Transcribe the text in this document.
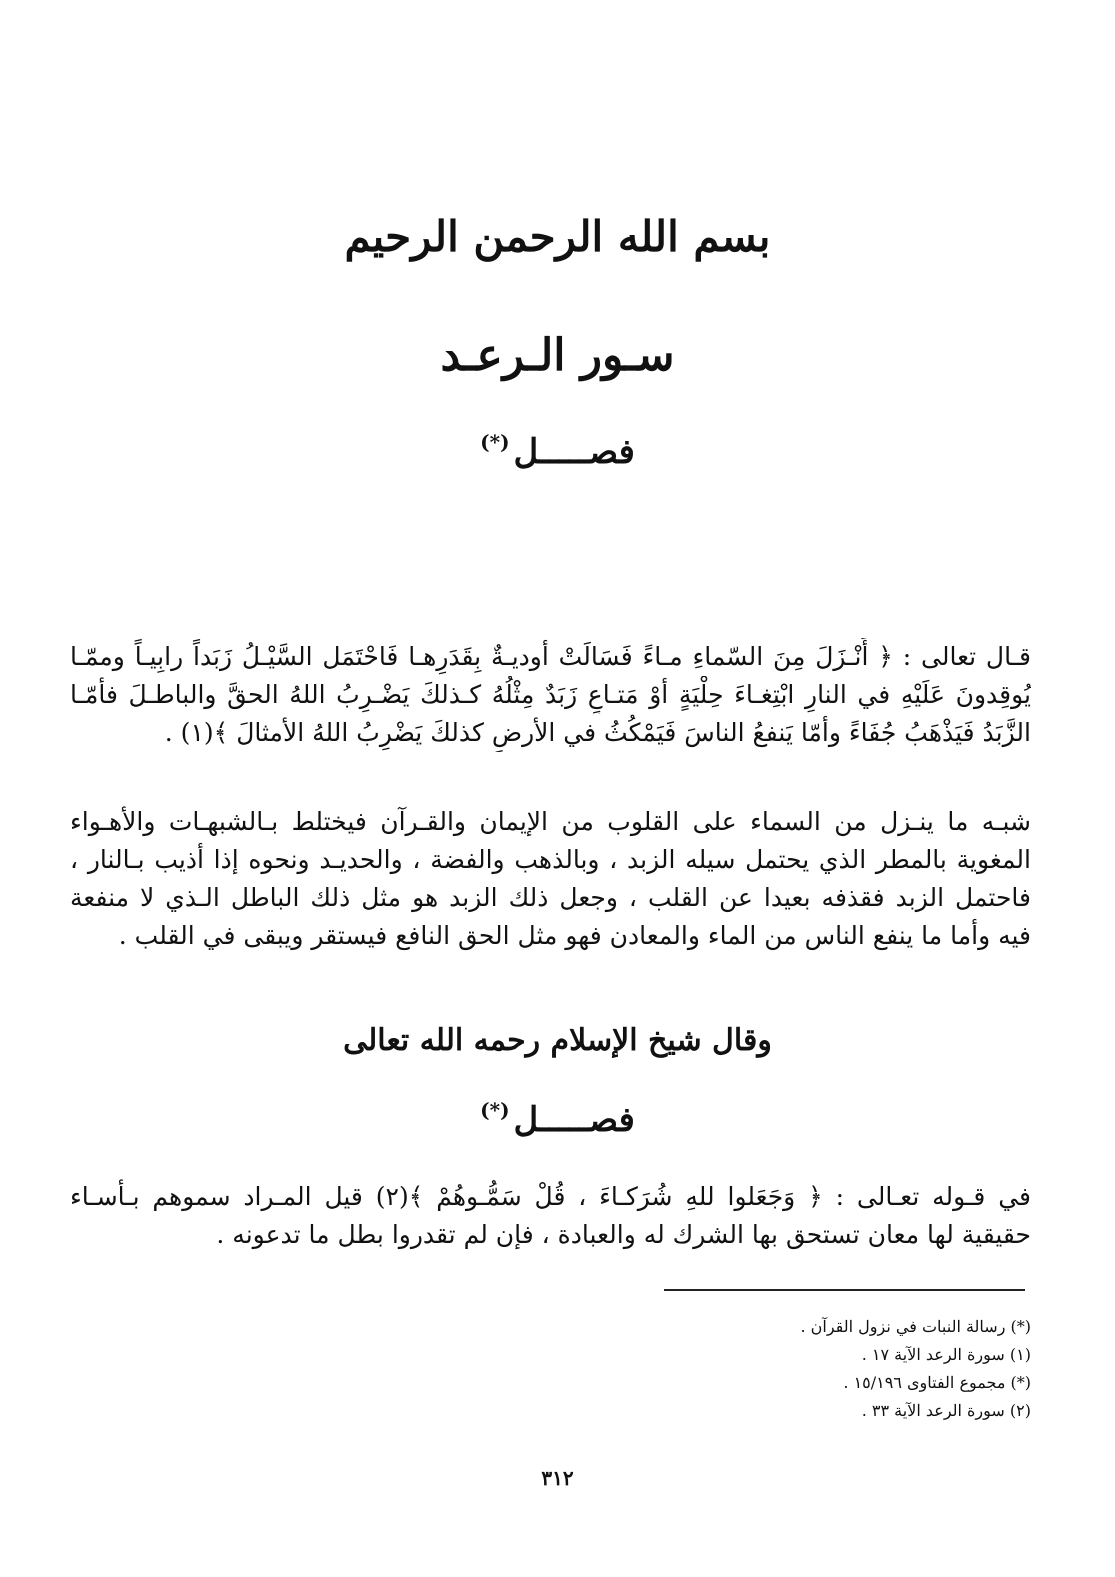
بسم الله الرحمن الرحيم
سـور الـرعـد
فصـــــل(*)
قـال تعالى : ﴿ أَنْـزَلَ مِنَ السّماءِ مـاءً فَسَالَتْ أوديـةٌ بِقَدَرِهـا فَاحْتَمَل السَّيْـلُ زَبَداً رابِيـاً وممّـا
يُوقِدونَ عَلَيْهِ في النارِ ابْتِغـاءَ حِلْيَةٍ أوْ مَتـاعٍ زَبَدٌ مِثْلُهُ كـذلكَ يَضْـرِبُ اللهُ الحقَّ والباطـلَ فأمّـا
الزَّبَدُ فَيَذْهَبُ جُفَاءً وأمّا يَنفعُ الناسَ فَيَمْكُثُ في الأرضِ كذلكَ يَضْرِبُ اللهُ الأمثالَ ﴾(١) .
شبـه ما ينـزل من السماء على القلوب من الإيمان والقـرآن فيختلط بـالشبهـات والأهـواء
المغوية بالمطر الذي يحتمل سيله الزبد ، وبالذهب والفضة ، والحديـد ونحوه إذا أذيب بـالنار ،
فاحتمل الزبد فقذفه بعيدا عن القلب ، وجعل ذلك الزبد هو مثل ذلك الباطل الـذي لا منفعة
فيه وأما ما ينفع الناس من الماء والمعادن فهو مثل الحق النافع فيستقر ويبقى في القلب .
وقال شيخ الإسلام رحمه الله تعالى
فصـــــل(*)
في قـوله تعـالى : ﴿ وَجَعَلوا للهِ شُرَكـاءَ ، قُلْ سَمُّـوهُمْ ﴾(٢) قيل المـراد سموهم بـأسـاء
حقيقية لها معان تستحق بها الشرك له والعبادة ، فإن لم تقدروا بطل ما تدعونه .
(*) رسالة النبات في نزول القرآن .
(١) سورة الرعد الآية ١٧ .
(*) مجموع الفتاوى ١٥/١٩٦ .
(٢) سورة الرعد الآية ٣٣ .
٣١٢
